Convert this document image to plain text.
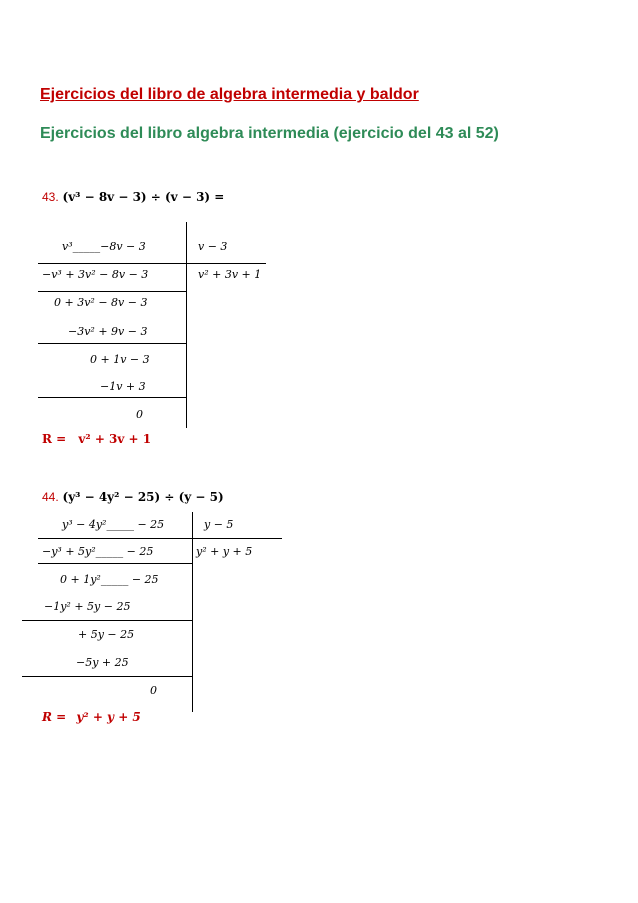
Ejercicios del libro de algebra intermedia y baldor
Ejercicios del libro algebra intermedia (ejercicio del 43 al 52)
43. (v³ − 8v − 3) ÷ (v − 3) =
v³_____−8v − 3	v − 3
−v³ + 3v² − 8v − 3	v² + 3v + 1
0 + 3v² − 8v − 3
−3v² + 9v − 3
0 + 1v − 3
−1v + 3
0
R = v² + 3v + 1
44. (y³ − 4y² − 25) ÷ (y − 5)
y³ − 4y²_____ − 25	y − 5
−y³ + 5y²_____ − 25	y² + y + 5
0 + 1y²_____ − 25
−1y² + 5y − 25
+ 5y − 25
−5y + 25
0
R = y² + y + 5
